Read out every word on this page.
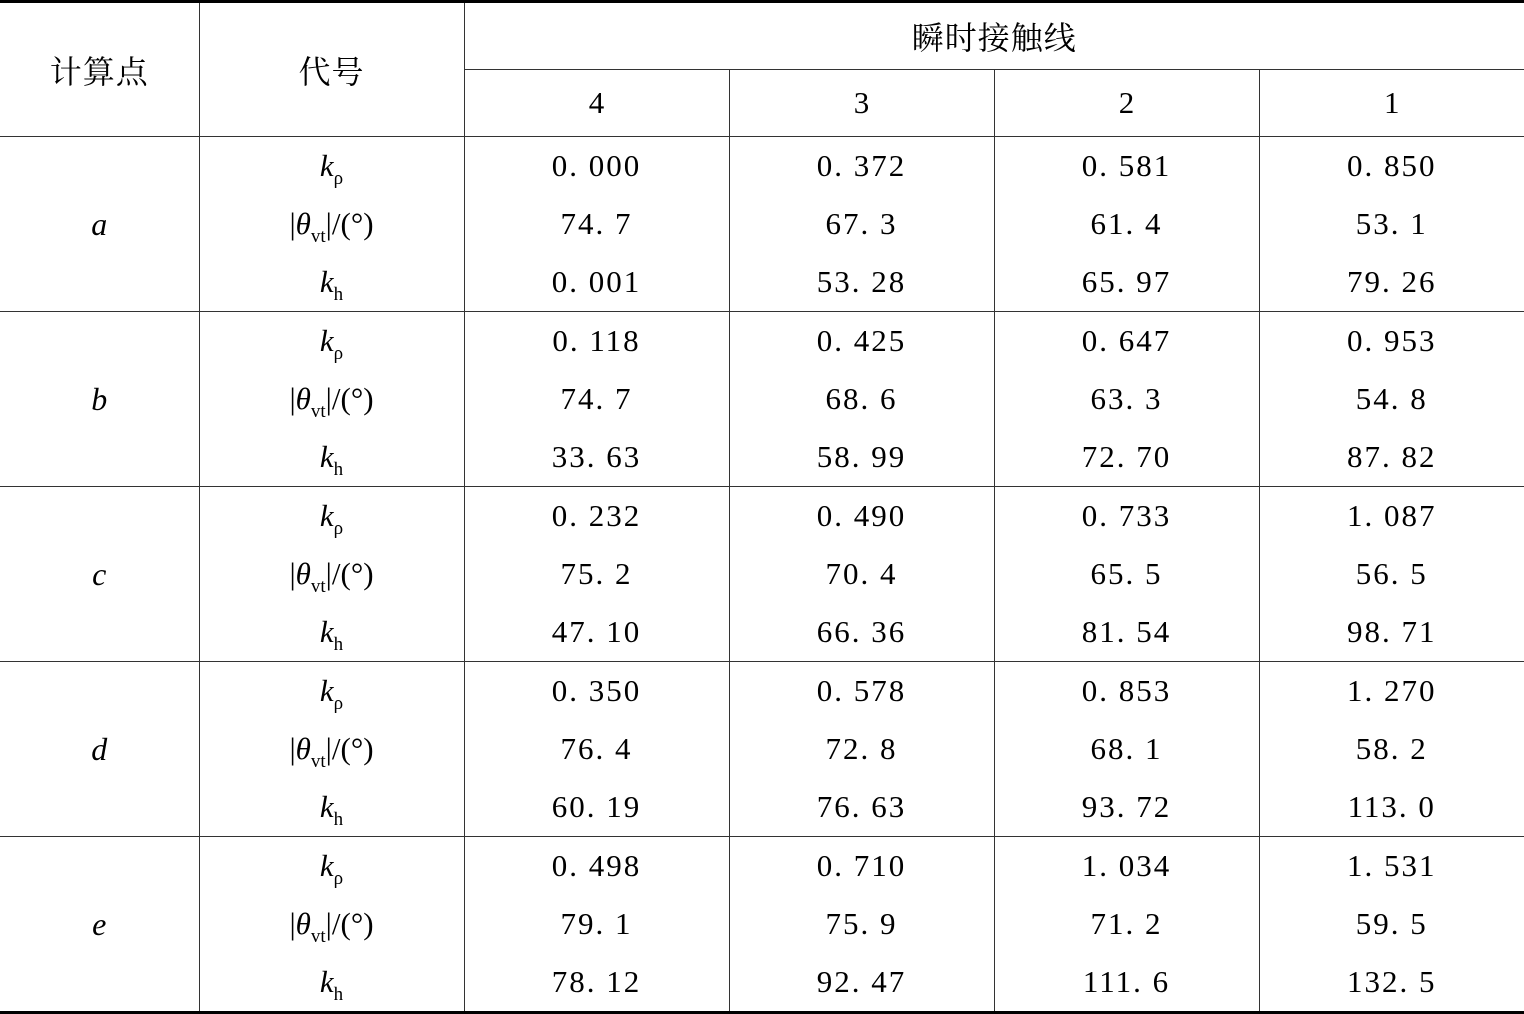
计算点	代号	瞬时接触线			
		4	3	2	1
a	$k_\rho$	0. 000	0. 372	0. 581	0. 850
	$|\theta_{vt}|/(^\circ)$	74. 7	67. 3	61. 4	53. 1
	$k_h$	0. 001	53. 28	65. 97	79. 26
b	$k_\rho$	0. 118	0. 425	0. 647	0. 953
	$|\theta_{vt}|/(^\circ)$	74. 7	68. 6	63. 3	54. 8
	$k_h$	33. 63	58. 99	72. 70	87. 82
c	$k_\rho$	0. 232	0. 490	0. 733	1. 087
	$|\theta_{vt}|/(^\circ)$	75. 2	70. 4	65. 5	56. 5
	$k_h$	47. 10	66. 36	81. 54	98. 71
d	$k_\rho$	0. 350	0. 578	0. 853	1. 270
	$|\theta_{vt}|/(^\circ)$	76. 4	72. 8	68. 1	58. 2
	$k_h$	60. 19	76. 63	93. 72	113. 0
e	$k_\rho$	0. 498	0. 710	1. 034	1. 531
	$|\theta_{vt}|/(^\circ)$	79. 1	75. 9	71. 2	59. 5
	$k_h$	78. 12	92. 47	111. 6	132. 5
